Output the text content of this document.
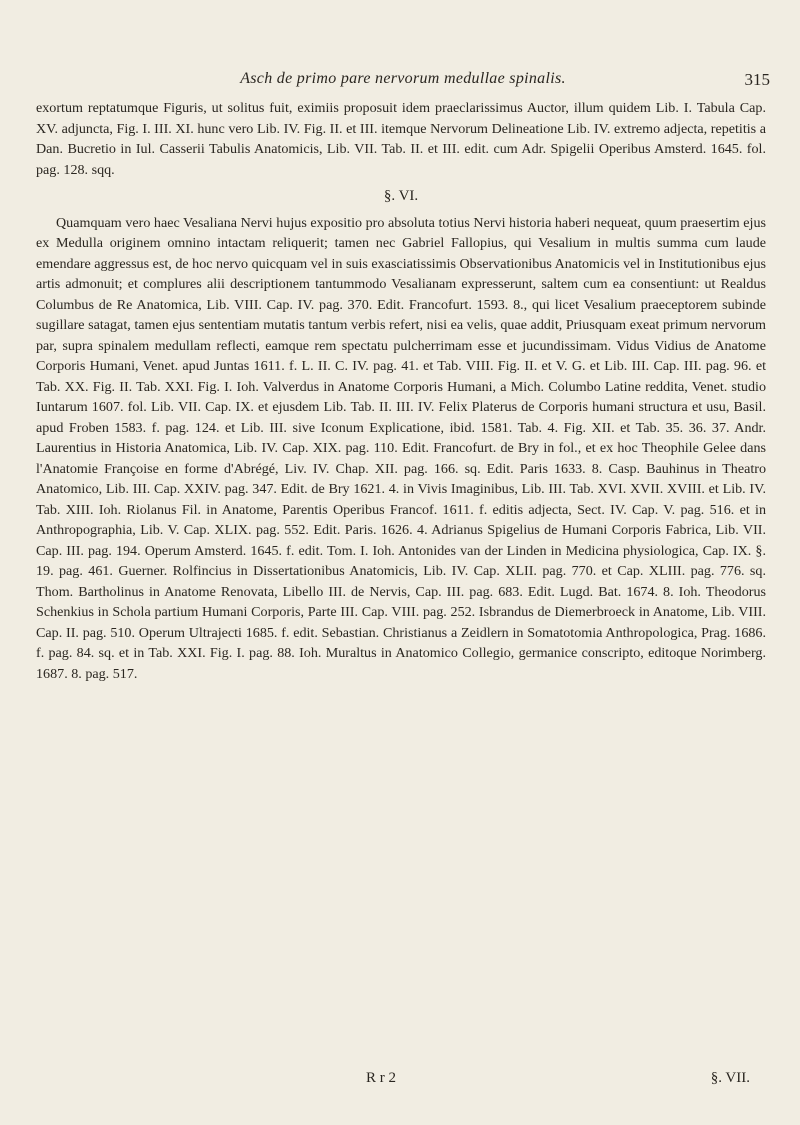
Asch de primo pare nervorum medullae spinalis.	315

exortum reptatumque Figuris, ut solitus fuit, eximiis proposuit idem praeclarissimus Auctor, illum quidem Lib. I. Tabula Cap. XV. adjuncta, Fig. I. III. XI. hunc vero Lib. IV. Fig. II. et III. itemque Nervorum Delineatione Lib. IV. extremo adjecta, repetitis a Dan. Bucretio in Iul. Casserii Tabulis Anatomicis, Lib. VII. Tab. II. et III. edit. cum Adr. Spigelii Operibus Amsterd. 1645. fol. pag. 128. sqq.

§. VI.

Quamquam vero haec Vesaliana Nervi hujus expositio pro absoluta totius Nervi historia haberi nequeat, quum praesertim ejus ex Medulla originem omnino intactam reliquerit; tamen nec Gabriel Fallopius, qui Vesalium in multis summa cum laude emendare aggressus est, de hoc nervo quicquam vel in suis exasciatissimis Observationibus Anatomicis vel in Institutionibus ejus artis admonuit; et complures alii descriptionem tantummodo Vesalianam expresserunt, saltem cum ea consentiunt: ut Realdus Columbus de Re Anatomica, Lib. VIII. Cap. IV. pag. 370. Edit. Francofurt. 1593. 8., qui licet Vesalium praeceptorem subinde sugillare satagat, tamen ejus sententiam mutatis tantum verbis refert, nisi ea velis, quae addit, Priusquam exeat primum nervorum par, supra spinalem medullam reflecti, eamque rem spectatu pulcherrimam esse et jucundissimam. Vidus Vidius de Anatome Corporis Humani, Venet. apud Juntas 1611. f. L. II. C. IV. pag. 41. et Tab. VIII. Fig. II. et V. G. et Lib. III. Cap. III. pag. 96. et Tab. XX. Fig. II. Tab. XXI. Fig. I. Ioh. Valverdus in Anatome Corporis Humani, a Mich. Columbo Latine reddita, Venet. studio Iuntarum 1607. fol. Lib. VII. Cap. IX. et ejusdem Lib. Tab. II. III. IV. Felix Platerus de Corporis humani structura et usu, Basil. apud Froben 1583. f. pag. 124. et Lib. III. sive Iconum Explicatione, ibid. 1581. Tab. 4. Fig. XII. et Tab. 35. 36. 37. Andr. Laurentius in Historia Anatomica, Lib. IV. Cap. XIX. pag. 110. Edit. Francofurt. de Bry in fol., et ex hoc Theophile Gelee dans l'Anatomie Françoise en forme d'Abrégé, Liv. IV. Chap. XII. pag. 166. sq. Edit. Paris 1633. 8. Casp. Bauhinus in Theatro Anatomico, Lib. III. Cap. XXIV. pag. 347. Edit. de Bry 1621. 4. in Vivis Imaginibus, Lib. III. Tab. XVI. XVII. XVIII. et Lib. IV. Tab. XIII. Ioh. Riolanus Fil. in Anatome, Parentis Operibus Francof. 1611. f. editis adjecta, Sect. IV. Cap. V. pag. 516. et in Anthropographia, Lib. V. Cap. XLIX. pag. 552. Edit. Paris. 1626. 4. Adrianus Spigelius de Humani Corporis Fabrica, Lib. VII. Cap. III. pag. 194. Operum Amsterd. 1645. f. edit. Tom. I. Ioh. Antonides van der Linden in Medicina physiologica, Cap. IX. §. 19. pag. 461. Guerner. Rolfincius in Dissertationibus Anatomicis, Lib. IV. Cap. XLII. pag. 770. et Cap. XLIII. pag. 776. sq. Thom. Bartholinus in Anatome Renovata, Libello III. de Nervis, Cap. III. pag. 683. Edit. Lugd. Bat. 1674. 8. Ioh. Theodorus Schenkius in Schola partium Humani Corporis, Parte III. Cap. VIII. pag. 252. Isbrandus de Diemerbroeck in Anatome, Lib. VIII. Cap. II. pag. 510. Operum Ultrajecti 1685. f. edit. Sebastian. Christianus a Zeidlern in Somatotomia Anthropologica, Prag. 1686. f. pag. 84. sq. et in Tab. XXI. Fig. I. pag. 88. Ioh. Muraltus in Anatomico Collegio, germanice conscripto, editoque Norimberg. 1687. 8. pag. 517.

R r 2	§. VII.
